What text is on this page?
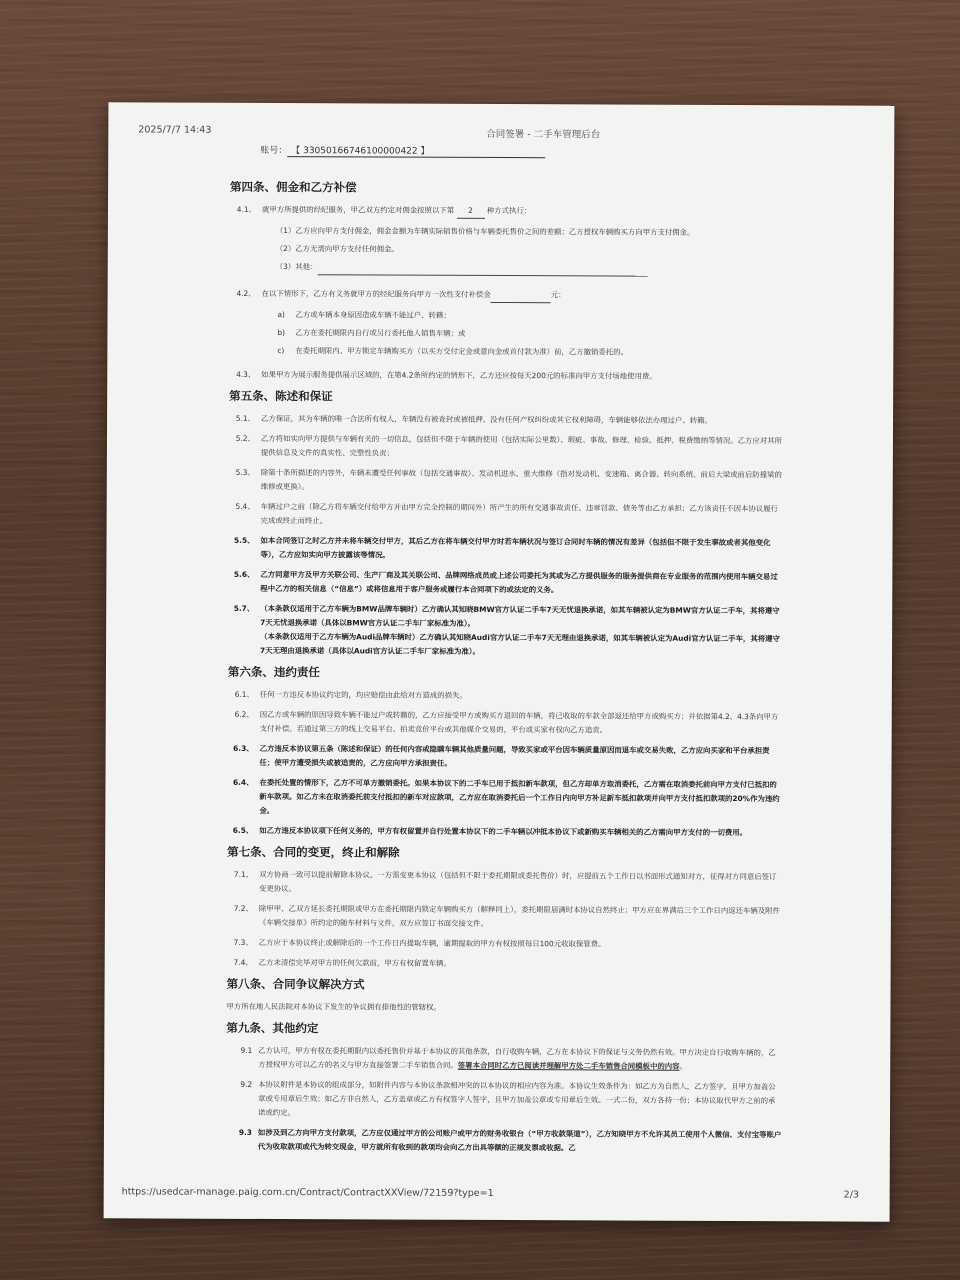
2025/7/7 14:43	合同签署 - 二手车管理后台
账号： 【 33050166746100000422 】
第四条、佣金和乙方补偿
4.1、 就甲方所提供的经纪服务，甲乙双方约定对佣金按照以下第 2 种方式执行：
（1）乙方应向甲方支付佣金，佣金金额为车辆实际销售价格与车辆委托售价之间的差额；乙方授权车辆购买方向甲方支付佣金。
（2）乙方无需向甲方支付任何佣金。
（3）其他：
4.2、 在以下情形下，乙方有义务就甲方的经纪服务向甲方一次性支付补偿金	元：
a) 乙方或车辆本身原因造成车辆不能过户、转籍；
b) 乙方在委托期限内自行或另行委托他人销售车辆；或
c) 在委托期限内、甲方锁定车辆购买方（以买方交付定金或意向金或首付款为准）前，乙方撤销委托的。
4.3、 如果甲方为展示服务提供展示区域的，在第4.2条所约定的情形下，乙方还应按每天200元的标准向甲方支付场地使用费。
第五条、陈述和保证
5.1、 乙方保证，其为车辆的唯一合法所有权人，车辆没有被查封或被抵押、没有任何产权纠纷或其它权利障碍，车辆能够依法办理过户、转籍。
5.2、 乙方将如实向甲方提供与车辆有关的一切信息，包括但不限于车辆的使用（包括实际公里数）、瑕疵、事故、修理、检验、抵押、税费缴纳等情况。乙方应对其所提供信息及文件的真实性、完整性负责；
5.3、 除第十条所描述的内容外，车辆未遭受任何事故（包括交通事故）、发动机进水、重大维修（指对发动机、变速箱、离合器、转向系统、前后大梁或前后防撞梁的维修或更换）。
5.4、 车辆过户之前（除乙方将车辆交付给甲方并由甲方完全控制的期间外）所产生的所有交通事故责任、违章罚款、债务等由乙方承担；乙方该责任不因本协议履行完成或终止而终止。
5.5、 如本合同签订之时乙方并未将车辆交付甲方，其后乙方在将车辆交付甲方时若车辆状况与签订合同时车辆的情况有差异（包括但不限于发生事故或者其他变化等），乙方应如实向甲方披露该等情况。
5.6、 乙方同意甲方及甲方关联公司、生产厂商及其关联公司、品牌网络成员或上述公司委托为其或为乙方提供服务的服务提供商在专业服务的范围内使用车辆交易过程中乙方的相关信息（“信息”）或将信息用于客户服务或履行本合同项下的或法定的义务。
5.7、 （本条款仅适用于乙方车辆为BMW品牌车辆时）乙方确认其知晓BMW官方认证二手车7天无忧退换承诺，如其车辆被认定为BMW官方认证二手车，其将遵守7天无忧退换承诺（具体以BMW官方认证二手车厂家标准为准）。
（本条款仅适用于乙方车辆为Audi品牌车辆时）乙方确认其知晓Audi官方认证二手车7天无理由退换承诺，如其车辆被认定为Audi官方认证二手车，其将遵守7天无理由退换承诺（具体以Audi官方认证二手车厂家标准为准）。
第六条、违约责任
6.1、 任何一方违反本协议约定的，均应赔偿由此给对方造成的损失。
6.2、 因乙方或车辆的原因导致车辆不能过户或转籍的，乙方应接受甲方或购买方退回的车辆，将已收取的车款全部返还给甲方或购买方；并依据第4.2、4.3条向甲方支付补偿。若通过第三方的线上交易平台、拍卖竞价平台或其他媒介交易的，平台或买家有权向乙方追责。
6.3、 乙方违反本协议第五条（陈述和保证）的任何内容或隐瞒车辆其他质量问题，导致买家或平台因车辆质量原因而退车或交易失败，乙方应向买家和平台承担责任；使甲方遭受损失或被追责的，乙方应向甲方承担责任。
6.4、 在委托处置的情形下，乙方不可单方撤销委托。如果本协议下的二手车已用于抵扣新车款项，但乙方却单方取消委托，乙方需在取消委托前向甲方支付已抵扣的新车款项。如乙方未在取消委托前支付抵扣的新车对应款项，乙方应在取消委托后一个工作日内向甲方补足新车抵扣款项并向甲方支付抵扣款项的20%作为违约金。
6.5、 如乙方违反本协议项下任何义务的，甲方有权留置并自行处置本协议下的二手车辆以冲抵本协议下或新购买车辆相关的乙方需向甲方支付的一切费用。
第七条、合同的变更，终止和解除
7.1、 双方协商一致可以提前解除本协议。一方需变更本协议（包括但不限于委托期限或委托售价）时，应提前五个工作日以书面形式通知对方，征得对方同意后签订变更协议。
7.2、 除甲甲、乙双方延长委托期限或甲方在委托期限内锁定车辆购买方（解释同上），委托期限届满时本协议自然终止；甲方应在界满后三个工作日内返还车辆及附件《车辆交接单》所约定的随车材料与文件，双方应签订书面交接文件。
7.3、 乙方应于本协议终止或解除后的一个工作日内提取车辆，逾期提取的甲方有权按照每日100元收取保管费。
7.4、 乙方未清偿完毕对甲方的任何欠款前，甲方有权留置车辆。
第八条、合同争议解决方式
甲方所在地人民法院对本协议下发生的争议拥有排他性的管辖权。
第九条、其他约定
9.1 乙方认可，甲方有权在委托期限内以委托售价并基于本协议的其他条款，自行收购车辆，乙方在本协议下的保证与义务仍然有效。甲方决定自行收购车辆的，乙方授权甲方可以乙方的名义与甲方直接签署二手车销售合同。签署本合同时乙方已阅读并理解甲方处二手车销售合同模板中的内容。
9.2 本协议附件是本协议的组成部分，如附件内容与本协议条款相冲突的以本协议的相应内容为准。本协议生效条件为：如乙方为自然人，乙方签字，且甲方加盖公章或专用章后生效；如乙方非自然人，乙方盖章或乙方有权签字人签字，且甲方加盖公章或专用章后生效。一式二份，双方各持一份；本协议取代甲方之前的承诺或约定。
9.3 如涉及到乙方向甲方支付款项，乙方应仅通过甲方的公司账户或甲方的财务收银台（“甲方收款渠道”），乙方知晓甲方不允许其员工使用个人微信、支付宝等账户代为收取款项或代为转交现金，甲方就所有收到的款项均会向乙方出具等额的正规发票或收据。乙
https://usedcar-manage.paig.com.cn/Contract/ContractXXView/72159?type=1	2/3
